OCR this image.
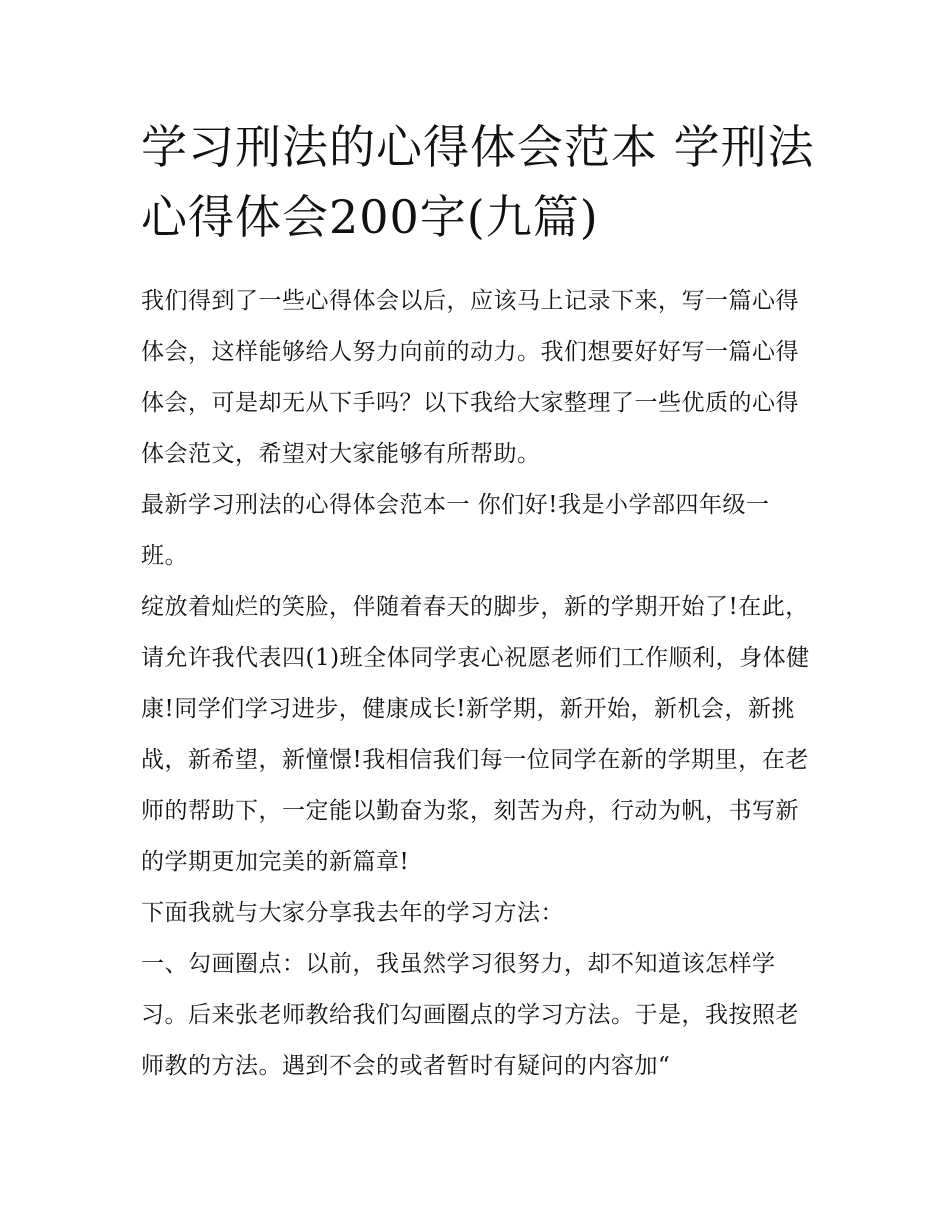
学习刑法的心得体会范本 学刑法心得体会200字(九篇)

我们得到了一些心得体会以后，应该马上记录下来，写一篇心得体会，这样能够给人努力向前的动力。我们想要好好写一篇心得体会，可是却无从下手吗？以下我给大家整理了一些优质的心得体会范文，希望对大家能够有所帮助。

最新学习刑法的心得体会范本一 你们好!我是小学部四年级一班。

绽放着灿烂的笑脸，伴随着春天的脚步，新的学期开始了!在此，请允许我代表四(1)班全体同学衷心祝愿老师们工作顺利，身体健康!同学们学习进步，健康成长!新学期，新开始，新机会，新挑战，新希望，新憧憬!我相信我们每一位同学在新的学期里，在老师的帮助下，一定能以勤奋为浆，刻苦为舟，行动为帆，书写新的学期更加完美的新篇章!

下面我就与大家分享我去年的学习方法：

一、勾画圈点：以前，我虽然学习很努力，却不知道该怎样学习。后来张老师教给我们勾画圈点的学习方法。于是，我按照老师教的方法。遇到不会的或者暂时有疑问的内容加“
